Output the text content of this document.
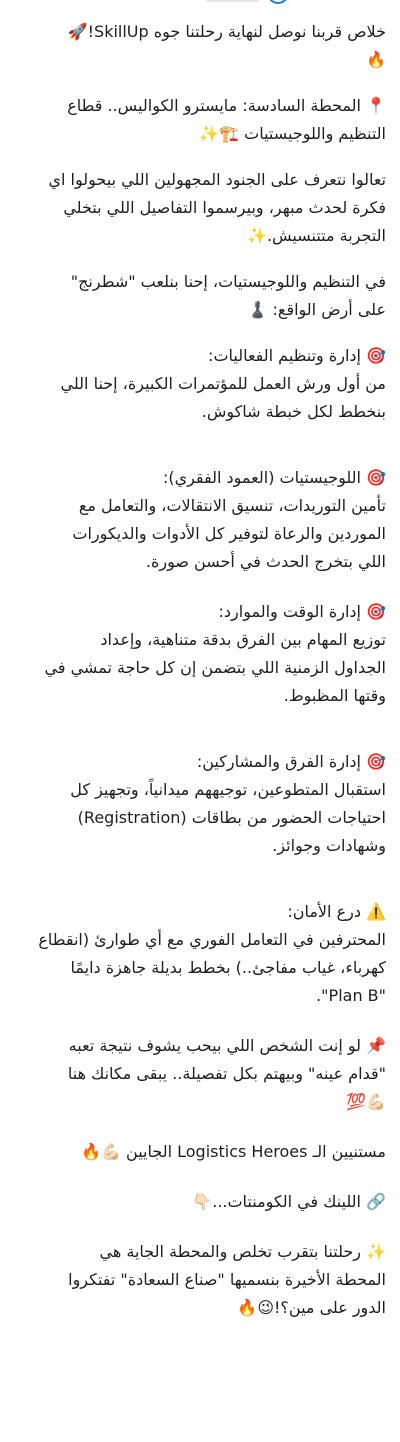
خلاص قربنا نوصل لنهاية رحلتنا جوه SkillUp!🚀
🔥

📍 المحطة السادسة: مايسترو الكواليس.. قطاع
التنظيم واللوجيستيات 🏗️✨

تعالوا نتعرف على الجنود المجهولين اللي بيحولوا اي
فكرة لحدث مبهر، وبيرسموا التفاصيل اللي بتخلي
التجربة متتنسيش.✨

في التنظيم واللوجيستيات، إحنا بنلعب "شطرنج"
على أرض الواقع: ♟️

🎯 إدارة وتنظيم الفعاليات:
من أول ورش العمل للمؤتمرات الكبيرة، إحنا اللي
بنخطط لكل خبطة شاكوش.

🎯 اللوجيستيات (العمود الفقري):
تأمين التوريدات، تنسيق الانتقالات، والتعامل مع
الموردين والرعاة لتوفير كل الأدوات والديكورات
اللي بتخرج الحدث في أحسن صورة.

🎯 إدارة الوقت والموارد:
توزيع المهام بين الفرق بدقة متناهية، وإعداد
الجداول الزمنية اللي بتضمن إن كل حاجة تمشي في
وقتها المظبوط.

🎯 إدارة الفرق والمشاركين:
استقبال المتطوعين، توجيههم ميدانياً، وتجهيز كل
احتياجات الحضور من بطاقات (Registration)
وشهادات وجوائز.

⚠️ درع الأمان:
المحترفين في التعامل الفوري مع أي طوارئ (انقطاع
كهرباء، غياب مفاجئ..) بخطط بديلة جاهزة دايمًا
."Plan B"

📌 لو إنت الشخص اللي بيحب يشوف نتيجة تعبه
"قدام عينه" وبيهتم بكل تفصيلة.. يبقى مكانك هنا
💯💪🏻

مستنيين الـ Logistics Heroes الجايين 💪🏻🔥

🔗 اللينك في الكومنتات...👇🏻

✨ رحلتنا بتقرب تخلص والمحطة الجاية هي
المحطة الأخيرة بنسميها "صناع السعادة" تفتكروا
الدور على مين؟!😉🔥
